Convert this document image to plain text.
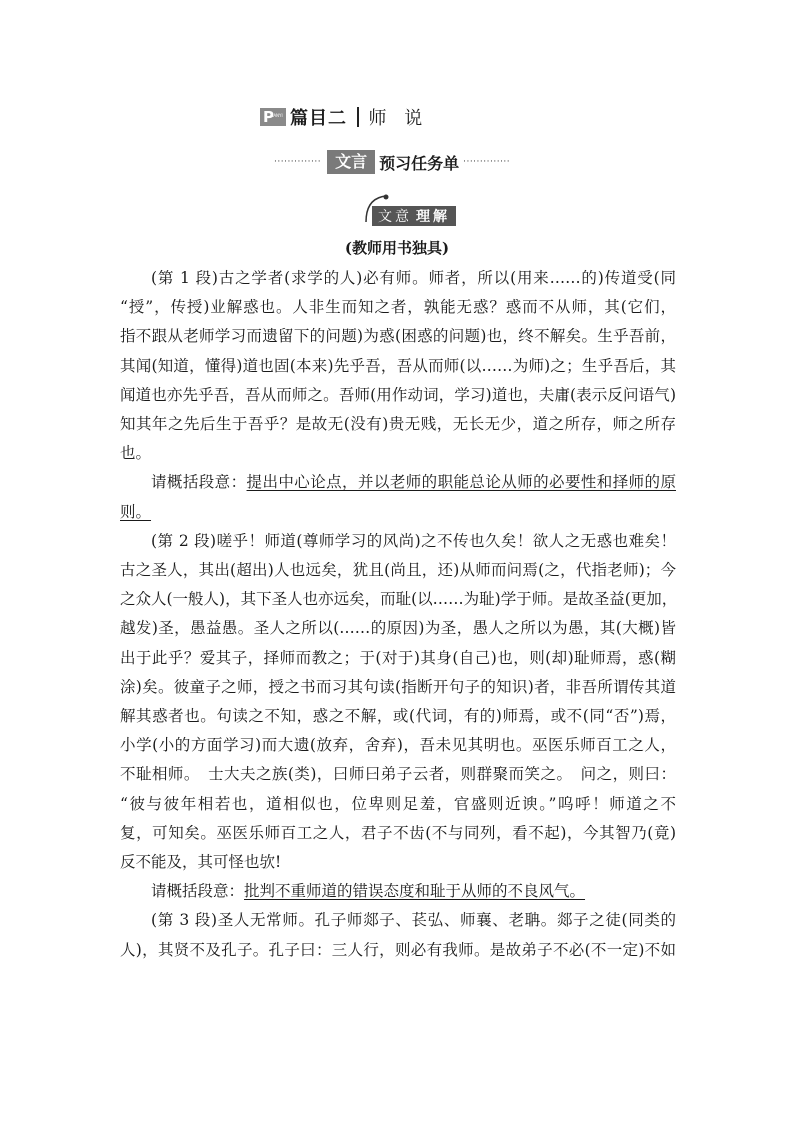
P
LANYI 篇目二 师 说
·············· 文言 预习任务单 ··············
文意 理解
(教师用书独具)
(第 1 段)古之学者(求学的人)必有师。师者，所以(用来……的)传道受(同
“授”，传授)业解惑也。人非生而知之者，孰能无惑？惑而不从师，其(它们，
指不跟从老师学习而遗留下的问题)为惑(困惑的问题)也，终不解矣。生乎吾前，
其闻(知道，懂得)道也固(本来)先乎吾，吾从而师(以……为师)之；生乎吾后，其
闻道也亦先乎吾，吾从而师之。吾师(用作动词，学习)道也，夫庸(表示反问语气)
知其年之先后生于吾乎？是故无(没有)贵无贱，无长无少，道之所存，师之所存
也。
请概括段意：提出中心论点，并以老师的职能总论从师的必要性和择师的原
则。
(第 2 段)嗟乎！师道(尊师学习的风尚)之不传也久矣！欲人之无惑也难矣！
古之圣人，其出(超出)人也远矣，犹且(尚且，还)从师而问焉(之，代指老师)；今
之众人(一般人)，其下圣人也亦远矣，而耻(以……为耻)学于师。是故圣益(更加，
越发)圣，愚益愚。圣人之所以(……的原因)为圣，愚人之所以为愚，其(大概)皆
出于此乎？爱其子，择师而教之；于(对于)其身(自己)也，则(却)耻师焉，惑(糊
涂)矣。彼童子之师，授之书而习其句读(指断开句子的知识)者，非吾所谓传其道
解其惑者也。句读之不知，惑之不解，或(代词，有的)师焉，或不(同“否”)焉，
小学(小的方面学习)而大遗(放弃，舍弃)，吾未见其明也。巫医乐师百工之人，
不耻相师。　士大夫之族(类)，曰师曰弟子云者，则群聚而笑之。　问之，则曰：
“彼与彼年相若也，道相似也，位卑则足羞，官盛则近谀。”呜呼！师道之不
复，可知矣。巫医乐师百工之人，君子不齿(不与同列，看不起)，今其智乃(竟)
反不能及，其可怪也欤!
请概括段意：批判不重师道的错误态度和耻于从师的不良风气。
(第 3 段)圣人无常师。孔子师郯子、苌弘、师襄、老聃。郯子之徒(同类的
人)，其贤不及孔子。孔子曰：三人行，则必有我师。是故弟子不必(不一定)不如
